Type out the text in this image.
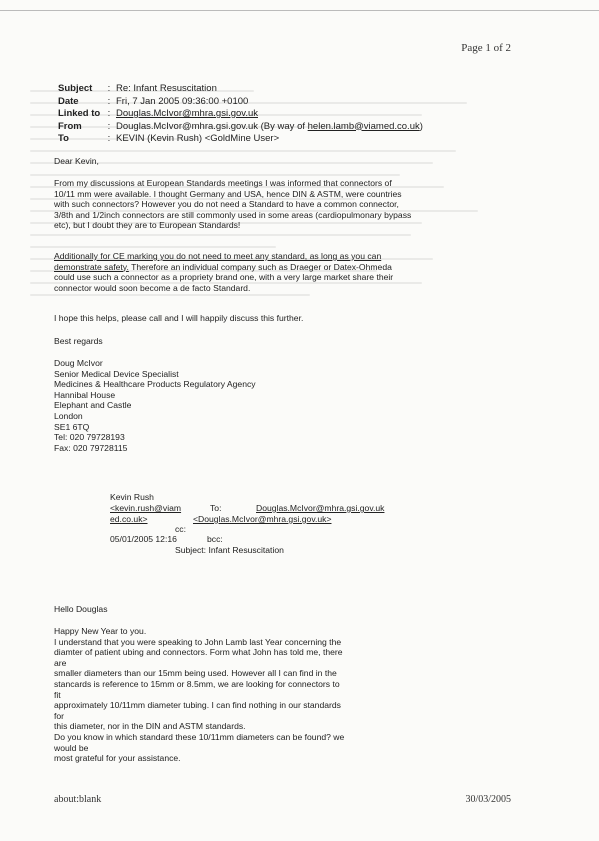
Page 1 of 2
Subject	:	Re: Infant Resuscitation
Date	:	Fri, 7 Jan 2005 09:36:00 +0100
Linked to	:	Douglas.McIvor@mhra.gsi.gov.uk
From	:	Douglas.McIvor@mhra.gsi.gov.uk (By way of helen.lamb@viamed.co.uk)
To	:	KEVIN (Kevin Rush) <GoldMine User>
Dear Kevin,
From my discussions at European Standards meetings I was informed that connectors of 10/11 mm were available. I thought Germany and USA, hence DIN & ASTM, were countries with such connectors? However you do not need a Standard to have a common connector, 3/8th and 1/2inch connectors are still commonly used in some areas (cardiopulmonary bypass etc), but I doubt they are to European Standards!
Additionally for CE marking you do not need to meet any standard, as long as you can demonstrate safety. Therefore an individual company such as Draeger or Datex-Ohmeda could use such a connector as a propriety brand one, with a very large market share their connector would soon become a de facto Standard.
I hope this helps, please call and I will happily discuss this further.
Best regards

Doug McIvor

Senior Medical Device Specialist

Medicines & Healthcare Products Regulatory Agency

Hannibal House

Elephant and Castle

London

SE1 6TQ

Tel: 020 79728193

Fax: 020 79728115

Kevin Rush
<kevin.rush@viam
ed.co.uk>
To:	Douglas.McIvor@mhra.gsi.gov.uk
<Douglas.McIvor@mhra.gsi.gov.uk>
cc:
05/01/2005 12:16	bcc:
Subject: Infant Resuscitation
Hello Douglas

Happy New Year to you.

I understand that you were speaking to John Lamb last Year concerning the

diamter of patient ubing and connectors. Form what John has told me, there

are

smaller diameters than our 15mm being used. However all I can find in the

stancards is reference to 15mm or 8.5mm, we are looking for connectors to

fit

approximately 10/11mm diameter tubing. I can find nothing in our standards

for

this diameter, nor in the DIN and ASTM standards.

Do you know in which standard these 10/11mm diameters can be found? we

would be

most grateful for your assistance.

about:blank	30/03/2005
